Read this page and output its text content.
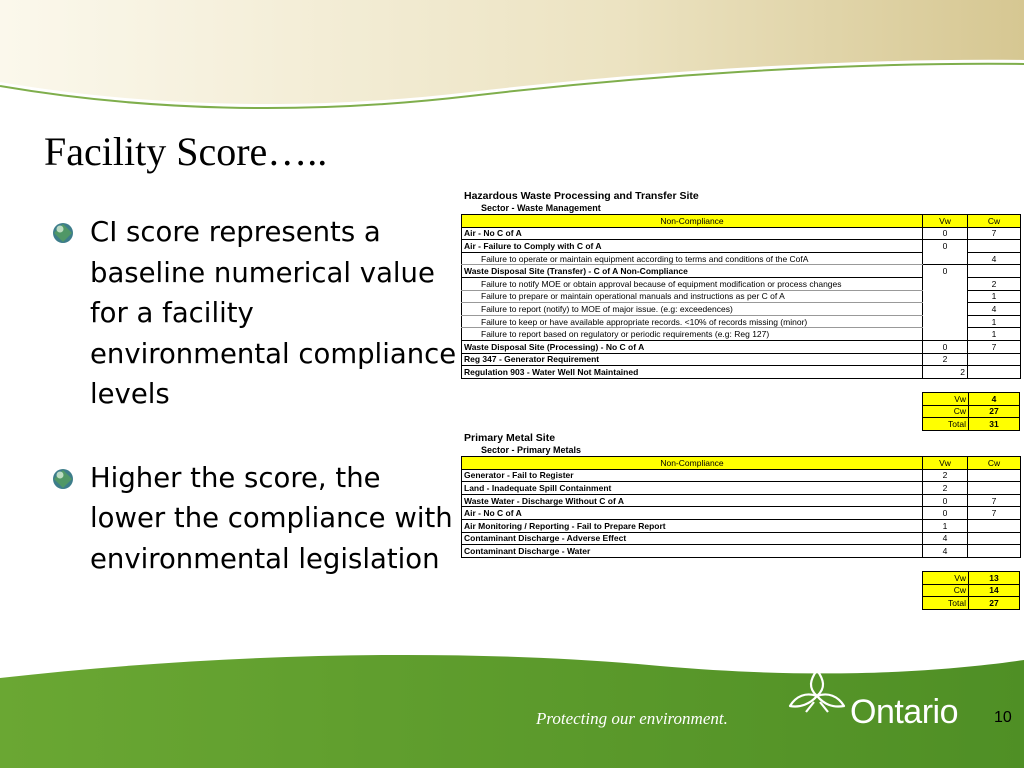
Facility Score…..
CI score represents a baseline numerical value for a facility environmental compliance levels
Higher the score, the lower the compliance with environmental legislation
Hazardous Waste Processing and Transfer Site
Sector - Waste Management
Non-Compliance	Vw	Cw
Air - No C of A	0	7
Air - Failure to Comply with C of A	0	
Failure to operate or maintain equipment according to terms and conditions of the CofA		4
Waste Disposal Site (Transfer) - C of A Non-Compliance	0	
Failure to notify MOE or obtain approval because of equipment modification or process changes		2
Failure to prepare or maintain operational manuals and instructions as per C of A		1
Failure to report (notify) to MOE of major issue. (e.g: exceedences)		4
Failure to keep or have available appropriate records. <10% of records missing (minor)		1
Failure to report based on regulatory or periodic requirements (e.g: Reg 127)		1
Waste Disposal Site (Processing) - No C of A	0	7
Reg 347 - Generator Requirement	2	
Regulation 903 - Water Well Not Maintained	2	
Vw	4
Cw	27
Total	31
Primary Metal Site
Sector - Primary Metals
Non-Compliance	Vw	Cw
Generator - Fail to Register	2	
Land - Inadequate Spill Containment	2	
Waste Water - Discharge Without C of A	0	7
Air - No C of A	0	7
Air Monitoring / Reporting - Fail to Prepare Report	1	
Contaminant Discharge - Adverse Effect	4	
Contaminant Discharge - Water	4	
Vw	13
Cw	14
Total	27
Protecting our environment.	Ontario 10
